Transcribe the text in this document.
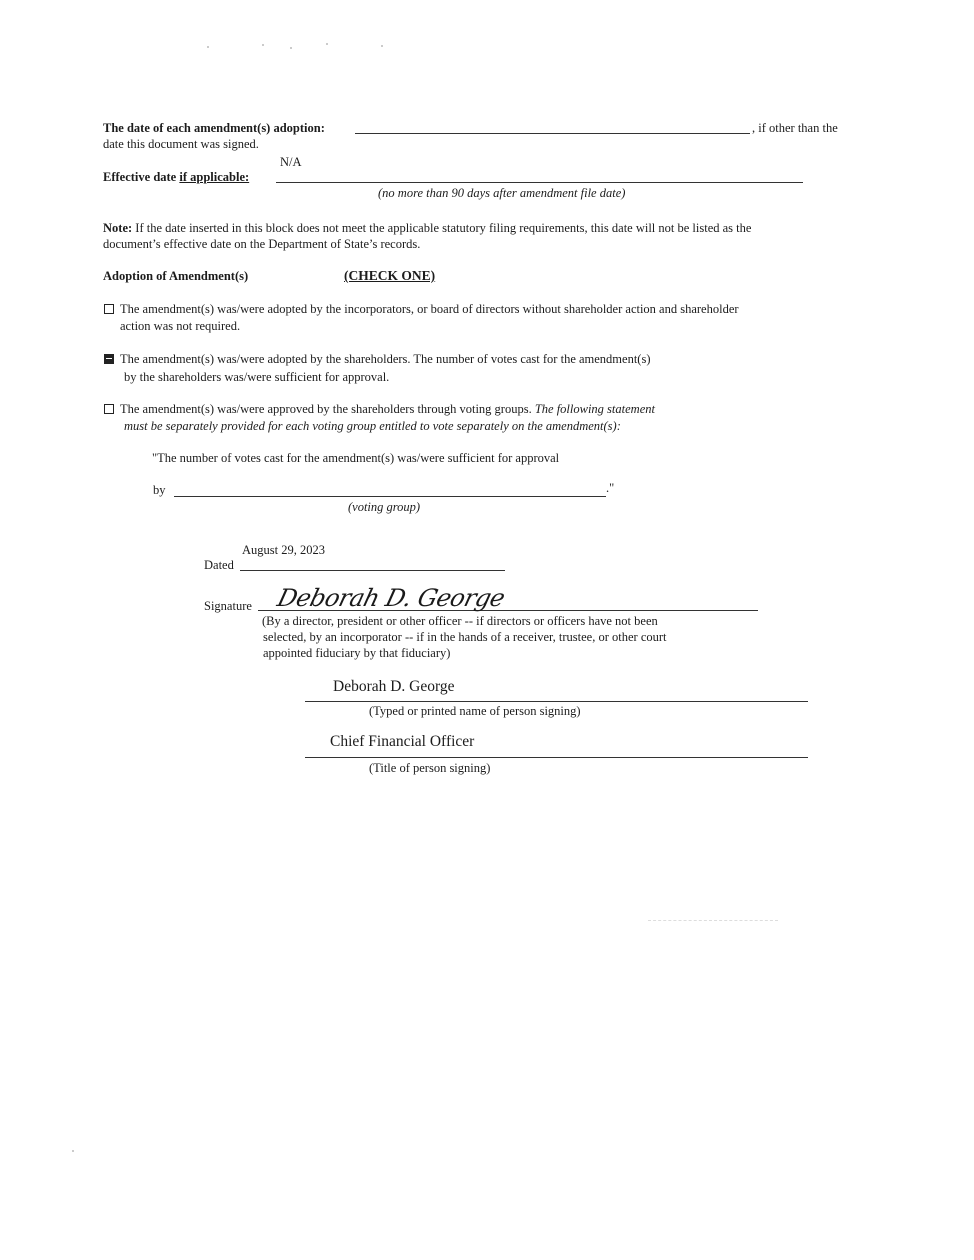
The date of each amendment(s) adoption:	, if other than the
date this document was signed.
N/A
Effective date if applicable:
(no more than 90 days after amendment file date)
Note: If the date inserted in this block does not meet the applicable statutory filing requirements, this date will not be listed as the
document’s effective date on the Department of State’s records.
Adoption of Amendment(s)	(CHECK ONE)
The amendment(s) was/were adopted by the incorporators, or board of directors without shareholder action and shareholder
action was not required.
The amendment(s) was/were adopted by the shareholders. The number of votes cast for the amendment(s)
by the shareholders was/were sufficient for approval.
The amendment(s) was/were approved by the shareholders through voting groups. The following statement
must be separately provided for each voting group entitled to vote separately on the amendment(s):
"The number of votes cast for the amendment(s) was/were sufficient for approval
by	."
(voting group)
August 29, 2023
Dated
Signature Deborah D. George
(By a director, president or other officer -- if directors or officers have not been
selected, by an incorporator -- if in the hands of a receiver, trustee, or other court
appointed fiduciary by that fiduciary)
Deborah D. George
(Typed or printed name of person signing)
Chief Financial Officer
(Title of person signing)
